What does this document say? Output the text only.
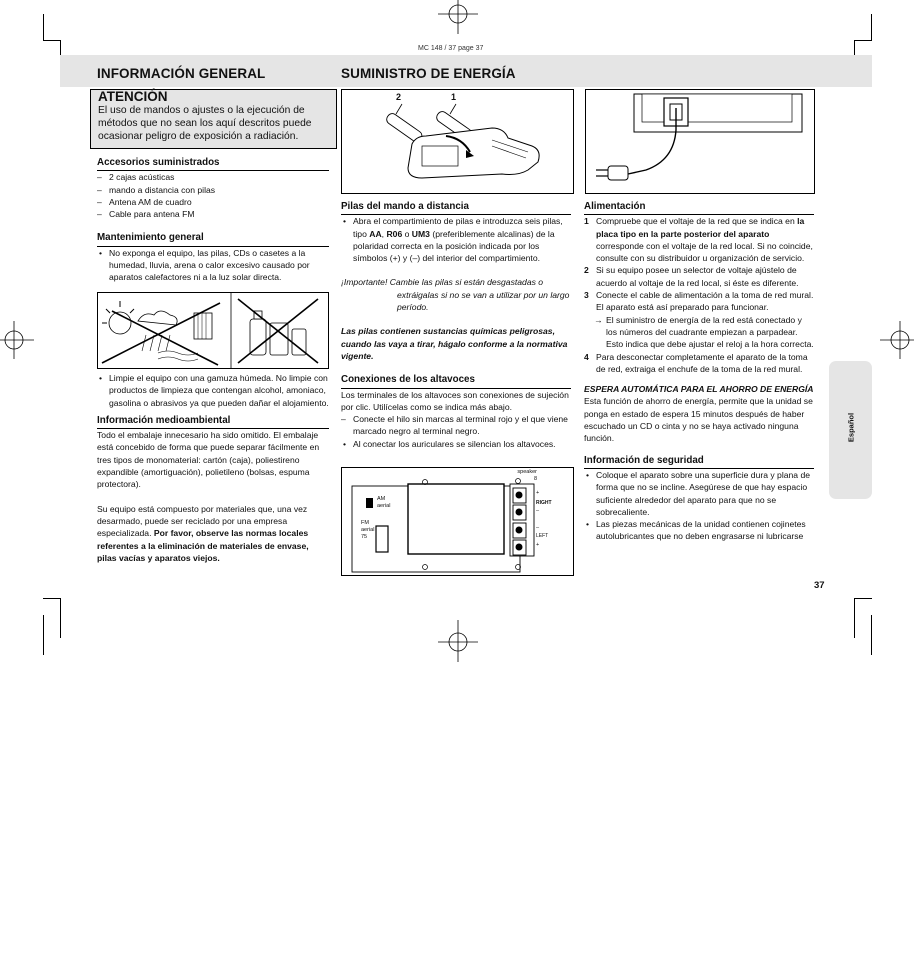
MC 148 / 37 page 37
INFORMACIÓN GENERAL	SUMINISTRO DE ENERGÍA
Español
ATENCIÓN
El uso de mandos o ajustes o la ejecución de métodos que no sean los aquí descritos puede ocasionar peligro de exposición a radiación.

Accesorios suministrados

– 2 cajas acústicas
– mando a distancia con pilas
– Antena AM de cuadro
– Cable para antena FM

Mantenimiento general

• No exponga el equipo, las pilas, CDs o casetes a la humedad, lluvia, arena o calor excesivo causado por aparatos calefactores ni a la luz solar directa.
• Limpie el equipo con una gamuza húmeda. No limpie con productos de limpieza que contengan alcohol, amoniaco, gasolina o abrasivos ya que pueden dañar el alojamiento.

Información medioambiental

Todo el embalaje innecesario ha sido omitido. El embalaje está concebido de forma que puede separar fácilmente en tres tipos de monomaterial: cartón (caja), poliestireno expandible (amortiguación), polietileno (bolsas, espuma protectora).

Su equipo está compuesto por materiales que, una vez desarmado, puede ser reciclado por una empresa especializada. Por favor, observe las normas locales referentes a la eliminación de materiales de envase, pilas vacías y aparatos viejos.

2	1

Pilas del mando a distancia

• Abra el compartimiento de pilas e introduzca seis pilas, tipo AA, R06 o UM3 (preferiblemente alcalinas) de la polaridad correcta en la posición indicada por los símbolos (+) y (–) del interior del compartimiento.

¡Importante! Cambie las pilas si están desgastadas o extráigalas si no se van a utilizar por un largo período.

Las pilas contienen sustancias químicas peligrosas, cuando las vaya a tirar, hágalo conforme a la normativa vigente.

Conexiones de los altavoces

Los terminales de los altavoces son conexiones de sujeción por clic. Utilícelas como se indica más abajo.

– Conecte el hilo sin marcas al terminal rojo y el que viene marcado negro al terminal negro.
• Al conectar los auriculares se silencian los altavoces.
AM aerial
FM aerial 75
speaker 8
+
RIGHT
–
–
LEFT
+

Alimentación

1 Compruebe que el voltaje de la red que se indica en la placa tipo en la parte posterior del aparato corresponde con el voltaje de la red local. Si no coincide, consulte con su distribuidor u organización de servicio.
2 Si su equipo posee un selector de voltaje ajústelo de acuerdo al voltaje de la red local, si éste es diferente.
3 Conecte el cable de alimentación a la toma de red mural. El aparato está así preparado para funcionar.

→ El suministro de energía de la red está conectado y los números del cuadrante empiezan a parpadear. Esto indica que debe ajustar el reloj a la hora correcta.

4 Para desconectar completamente el aparato de la toma de red, extraiga el enchufe de la toma de la red mural.

ESPERA AUTOMÁTICA PARA EL AHORRO DE ENERGÍA

Esta función de ahorro de energía, permite que la unidad se ponga en estado de espera 15 minutos después de haber escuchado un CD o cinta y no se haya activado ninguna función.

Información de seguridad

• Coloque el aparato sobre una superficie dura y plana de forma que no se incline. Asegúrese de que hay espacio suficiente alrededor del aparato para que no se sobrecaliente.
• Las piezas mecánicas de la unidad contienen cojinetes autolubricantes que no deben engrasarse ni lubricarse
37
